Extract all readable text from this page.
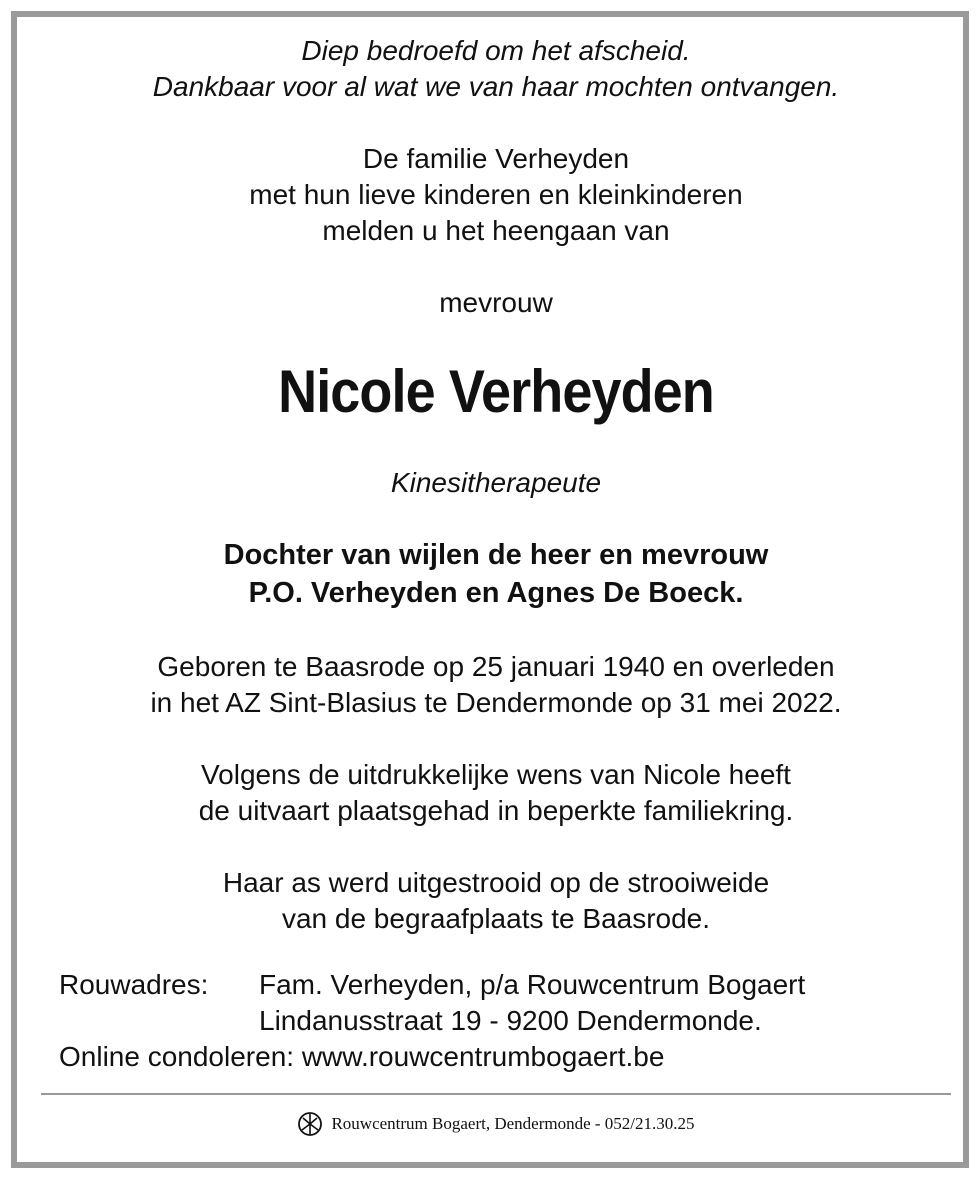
Diep bedroefd om het afscheid.
Dankbaar voor al wat we van haar mochten ontvangen.
De familie Verheyden
met hun lieve kinderen en kleinkinderen
melden u het heengaan van
mevrouw
Nicole Verheyden
Kinesitherapeute
Dochter van wijlen de heer en mevrouw
P.O. Verheyden en Agnes De Boeck.
Geboren te Baasrode op 25 januari 1940 en overleden
in het AZ Sint-Blasius te Dendermonde op 31 mei 2022.
Volgens de uitdrukkelijke wens van Nicole heeft
de uitvaart plaatsgehad in beperkte familiekring.
Haar as werd uitgestrooid op de strooiweide
van de begraafplaats te Baasrode.
Rouwadres: Fam. Verheyden, p/a Rouwcentrum Bogaert
Lindanusstraat 19 - 9200 Dendermonde.
Online condoleren: www.rouwcentrumbogaert.be
Rouwcentrum Bogaert, Dendermonde - 052/21.30.25
